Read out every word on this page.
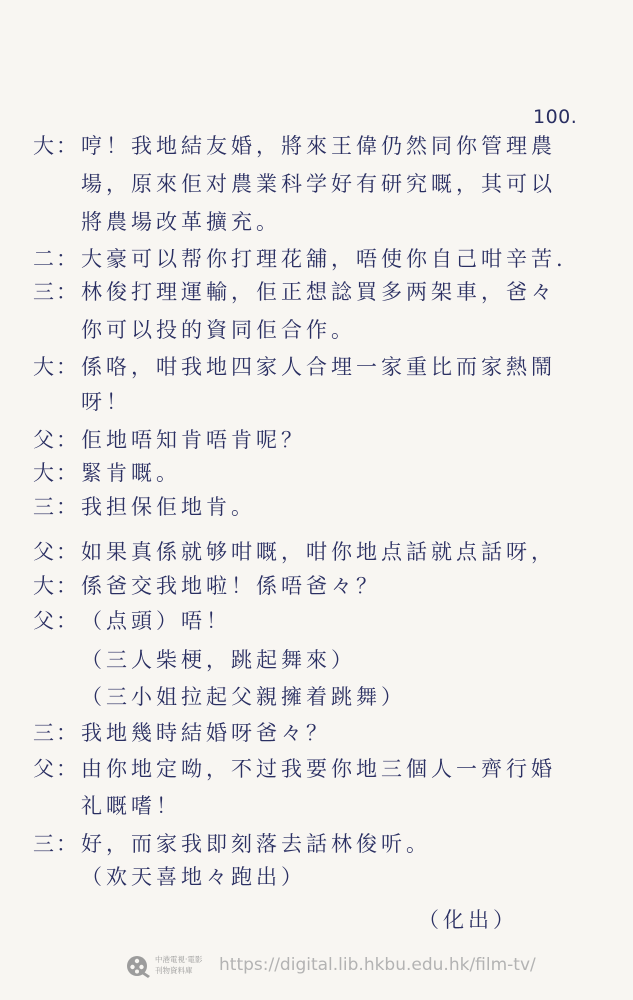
100.
大： 哼！我地結友婚，將來王偉仍然同你管理農
場，原來佢对農業科学好有研究嘅，其可以
將農場改革擴充。
二： 大豪可以帮你打理花舖，唔使你自己咁辛苦.
三： 林俊打理運輸，佢正想諗買多两架車，爸々
你可以投的資同佢合作。
大： 係咯，咁我地四家人合埋一家重比而家熱鬧
呀！
父： 佢地唔知肯唔肯呢？
大： 緊肯嘅。
三： 我担保佢地肯。
父： 如果真係就够咁嘅，咁你地点話就点話呀，
大： 係爸交我地啦！係唔爸々？
父： （点頭）唔！
（三人柴梗，跳起舞來）
（三小姐拉起父親擁着跳舞）
三： 我地幾時結婚呀爸々？
父： 由你地定呦，不过我要你地三個人一齊行婚
礼嘅嗜！
三： 好，而家我即刻落去話林俊听。
（欢天喜地々跑出）
（化出）
中港電視·電影
刊物資料庫	https://digital.lib.hkbu.edu.hk/film-tv/
